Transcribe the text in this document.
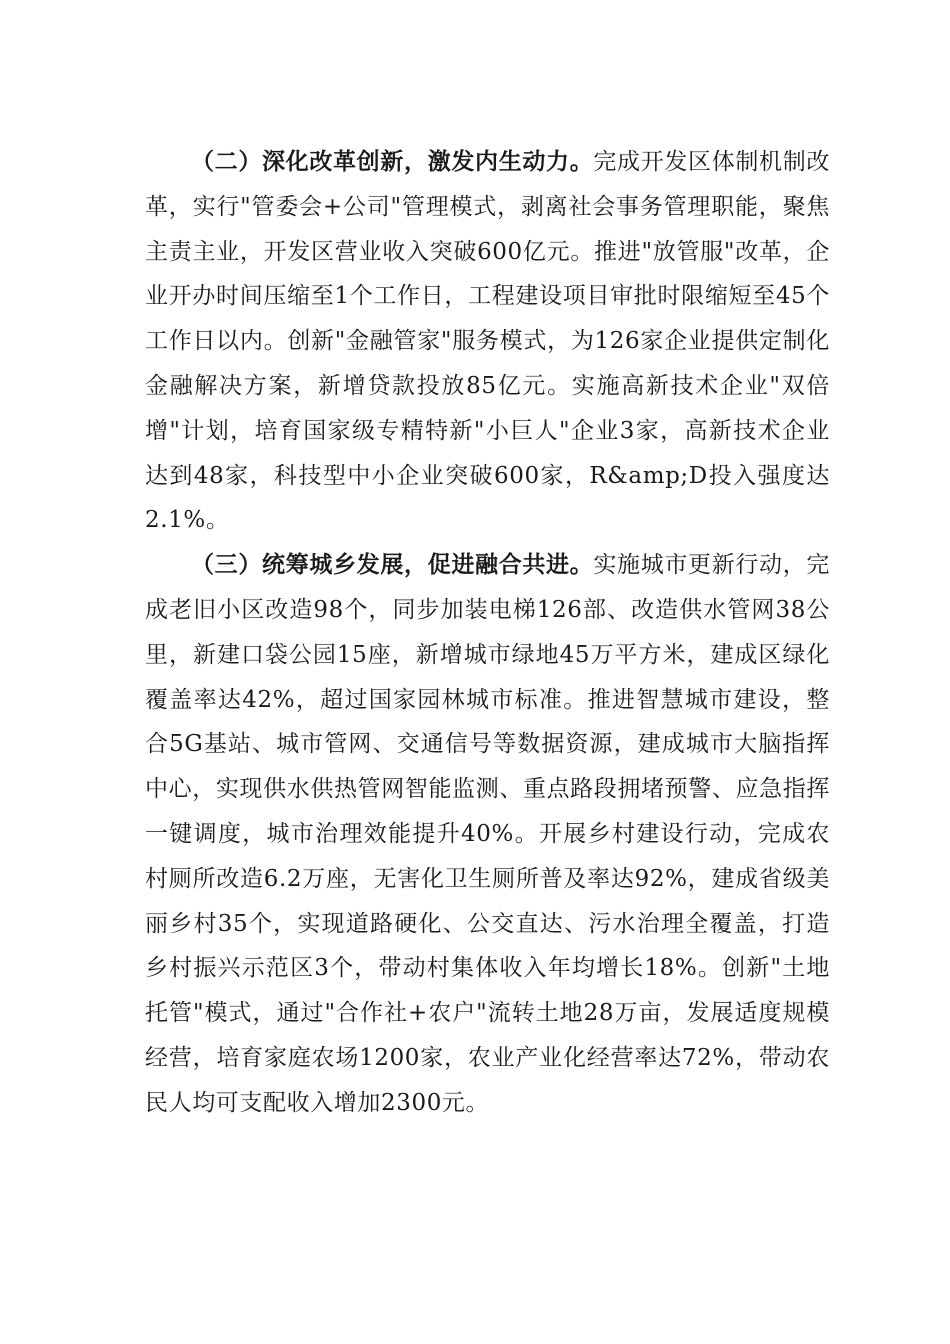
（二）深化改革创新，激发内生动力。完成开发区体制机制改革，实行"管委会+公司"管理模式，剥离社会事务管理职能，聚焦主责主业，开发区营业收入突破600亿元。推进"放管服"改革，企业开办时间压缩至1个工作日，工程建设项目审批时限缩短至45个工作日以内。创新"金融管家"服务模式，为126家企业提供定制化金融解决方案，新增贷款投放85亿元。实施高新技术企业"双倍增"计划，培育国家级专精特新"小巨人"企业3家，高新技术企业达到48家，科技型中小企业突破600家，R&amp;D投入强度达2.1%。

（三）统筹城乡发展，促进融合共进。实施城市更新行动，完成老旧小区改造98个，同步加装电梯126部、改造供水管网38公里，新建口袋公园15座，新增城市绿地45万平方米，建成区绿化覆盖率达42%，超过国家园林城市标准。推进智慧城市建设，整合5G基站、城市管网、交通信号等数据资源，建成城市大脑指挥中心，实现供水供热管网智能监测、重点路段拥堵预警、应急指挥一键调度，城市治理效能提升40%。开展乡村建设行动，完成农村厕所改造6.2万座，无害化卫生厕所普及率达92%，建成省级美丽乡村35个，实现道路硬化、公交直达、污水治理全覆盖，打造乡村振兴示范区3个，带动村集体收入年均增长18%。创新"土地托管"模式，通过"合作社+农户"流转土地28万亩，发展适度规模经营，培育家庭农场1200家，农业产业化经营率达72%，带动农民人均可支配收入增加2300元。
